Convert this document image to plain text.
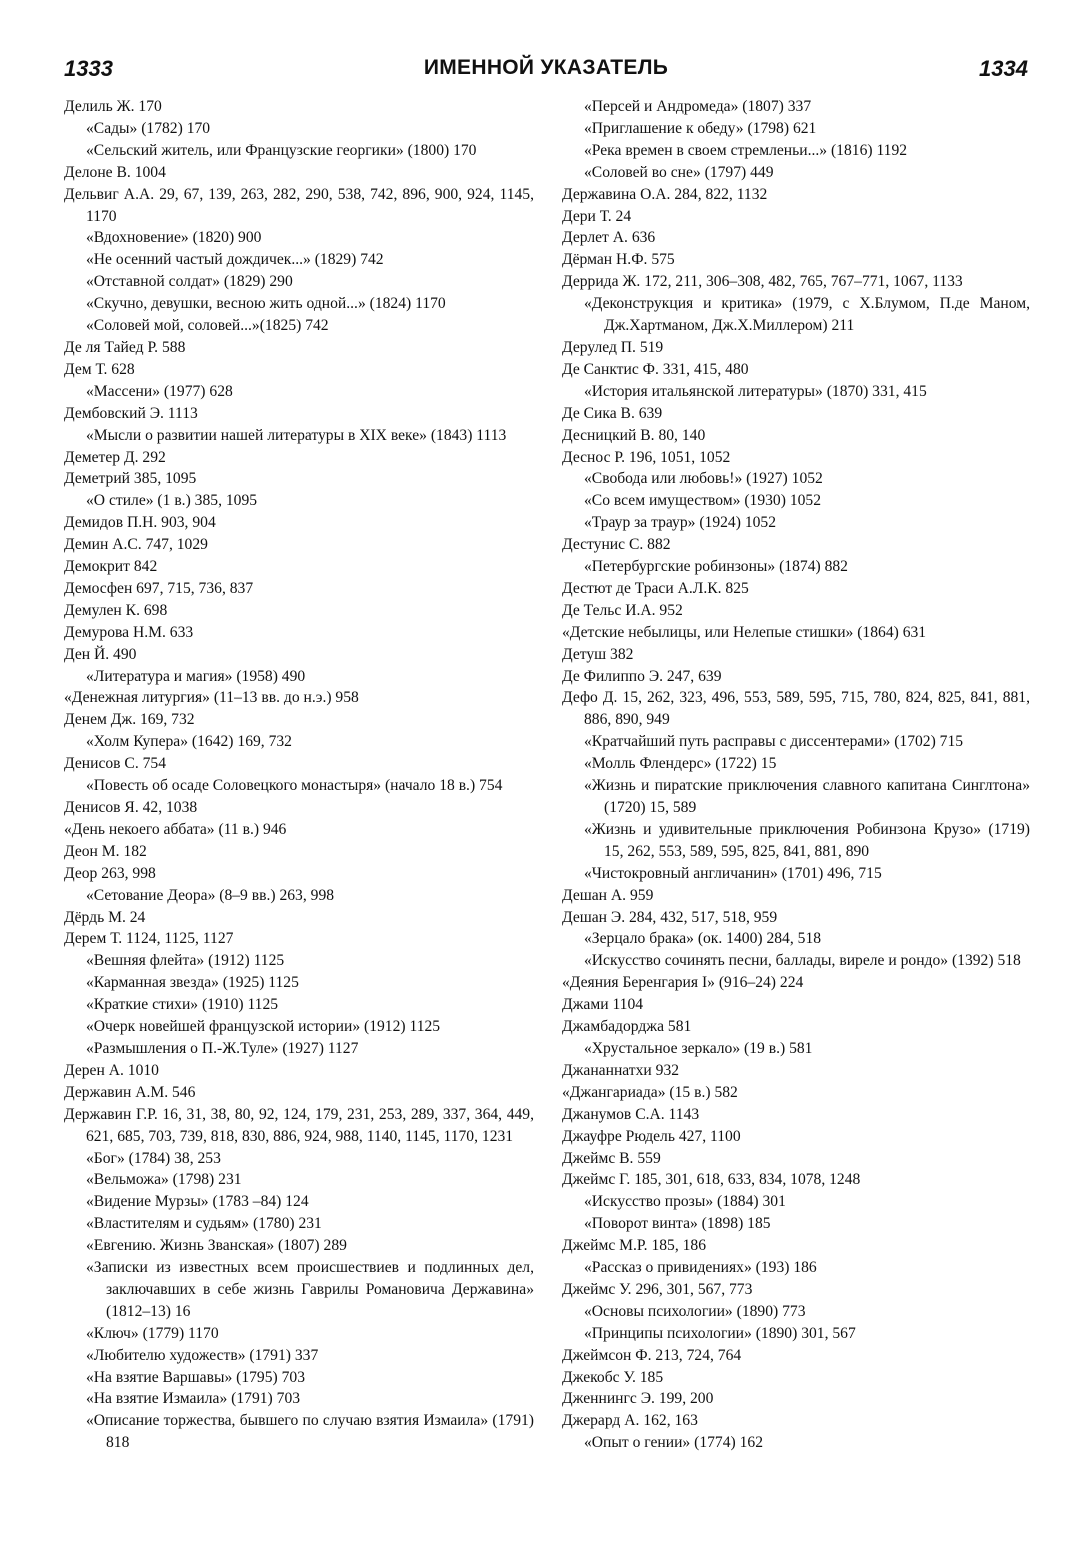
1333	ИМЕННОЙ УКАЗАТЕЛЬ	1334
Делиль Ж. 170
«Сады» (1782) 170
«Сельский житель, или Французские георгики» (1800) 170
Делоне В. 1004
Дельвиг А.А. 29, 67, 139, 263, 282, 290, 538, 742, 896, 900, 924, 1145, 1170
«Вдохновение» (1820) 900
«Не осенний частый дождичек...» (1829) 742
«Отставной солдат» (1829) 290
«Скучно, девушки, весною жить одной...» (1824) 1170
«Соловей мой, соловей...»(1825) 742
Де ля Тайед Р. 588
Дем Т. 628
«Массени» (1977) 628
Дембовский Э. 1113
«Мысли о развитии нашей литературы в XIX веке» (1843) 1113
Деметер Д. 292
Деметрий 385, 1095
«О стиле» (1 в.) 385, 1095
Демидов П.Н. 903, 904
Демин А.С. 747, 1029
Демокрит 842
Демосфен 697, 715, 736, 837
Демулен К. 698
Демурова Н.М. 633
Ден Й. 490
«Литература и магия» (1958) 490
«Денежная литургия» (11–13 вв. до н.э.) 958
Денем Дж. 169, 732
«Холм Купера» (1642) 169, 732
Денисов С. 754
«Повесть об осаде Соловецкого монастыря» (начало 18 в.) 754
Денисов Я. 42, 1038
«День некоего аббата» (11 в.) 946
Деон М. 182
Деор 263, 998
«Сетование Деора» (8–9 вв.) 263, 998
Дёрдь М. 24
Дерем Т. 1124, 1125, 1127
«Вешняя флейта» (1912) 1125
«Карманная звезда» (1925) 1125
«Краткие стихи» (1910) 1125
«Очерк новейшей французской истории» (1912) 1125
«Размышления о П.-Ж.Туле» (1927) 1127
Дерен А. 1010
Державин А.М. 546
Державин Г.Р. 16, 31, 38, 80, 92, 124, 179, 231, 253, 289, 337, 364, 449, 621, 685, 703, 739, 818, 830, 886, 924, 988, 1140, 1145, 1170, 1231
«Бог» (1784) 38, 253
«Вельможа» (1798) 231
«Видение Мурзы» (1783 –84) 124
«Властителям и судьям» (1780) 231
«Евгению. Жизнь Званская» (1807) 289
«Записки из известных всем происшествиев и подлинных дел, заключавших в себе жизнь Гаврилы Романовича Державина» (1812–13) 16
«Ключ» (1779) 1170
«Любителю художеств» (1791) 337
«На взятие Варшавы» (1795) 703
«На взятие Измаила» (1791) 703
«Описание торжества, бывшего по случаю взятия Измаила» (1791) 818
«Персей и Андромеда» (1807) 337
«Приглашение к обеду» (1798) 621
«Река времен в своем стремленьи...» (1816) 1192
«Соловей во сне» (1797) 449
Державина О.А. 284, 822, 1132
Дери Т. 24
Дерлет А. 636
Дёрман Н.Ф. 575
Деррида Ж. 172, 211, 306–308, 482, 765, 767–771, 1067, 1133
«Деконструкция и критика» (1979, с Х.Блумом, П.де Маном, Дж.Хартманом, Дж.Х.Миллером) 211
Дерулед П. 519
Де Санктис Ф. 331, 415, 480
«История итальянской литературы» (1870) 331, 415
Де Сика В. 639
Десницкий В. 80, 140
Деснос Р. 196, 1051, 1052
«Свобода или любовь!» (1927) 1052
«Со всем имуществом» (1930) 1052
«Траур за траур» (1924) 1052
Дестунис С. 882
«Петербургские робинзоны» (1874) 882
Дестют де Траси А.Л.К. 825
Де Тельс И.А. 952
«Детские небылицы, или Нелепые стишки» (1864) 631
Детуш 382
Де Филиппо Э. 247, 639
Дефо Д. 15, 262, 323, 496, 553, 589, 595, 715, 780, 824, 825, 841, 881, 886, 890, 949
«Кратчайший путь расправы с диссентерами» (1702) 715
«Молль Флендерс» (1722) 15
«Жизнь и пиратские приключения славного капитана Синглтона» (1720) 15, 589
«Жизнь и удивительные приключения Робинзона Крузо» (1719) 15, 262, 553, 589, 595, 825, 841, 881, 890
«Чистокровный англичанин» (1701) 496, 715
Дешан А. 959
Дешан Э. 284, 432, 517, 518, 959
«Зерцало брака» (ок. 1400) 284, 518
«Искусство сочинять песни, баллады, виреле и рондо» (1392) 518
«Деяния Беренгария I» (916–24) 224
Джами 1104
Джамбадорджа 581
«Хрустальное зеркало» (19 в.) 581
Джананнатхи 932
«Джангариада» (15 в.) 582
Джанумов С.А. 1143
Джауфре Рюдель 427, 1100
Джеймс В. 559
Джеймс Г. 185, 301, 618, 633, 834, 1078, 1248
«Искусство прозы» (1884) 301
«Поворот винта» (1898) 185
Джеймс М.Р. 185, 186
«Рассказ о привидениях» (193) 186
Джеймс У. 296, 301, 567, 773
«Основы психологии» (1890) 773
«Принципы психологии» (1890) 301, 567
Джеймсон Ф. 213, 724, 764
Джекобс У. 185
Дженнингс Э. 199, 200
Джерард А. 162, 163
«Опыт о гении» (1774) 162
